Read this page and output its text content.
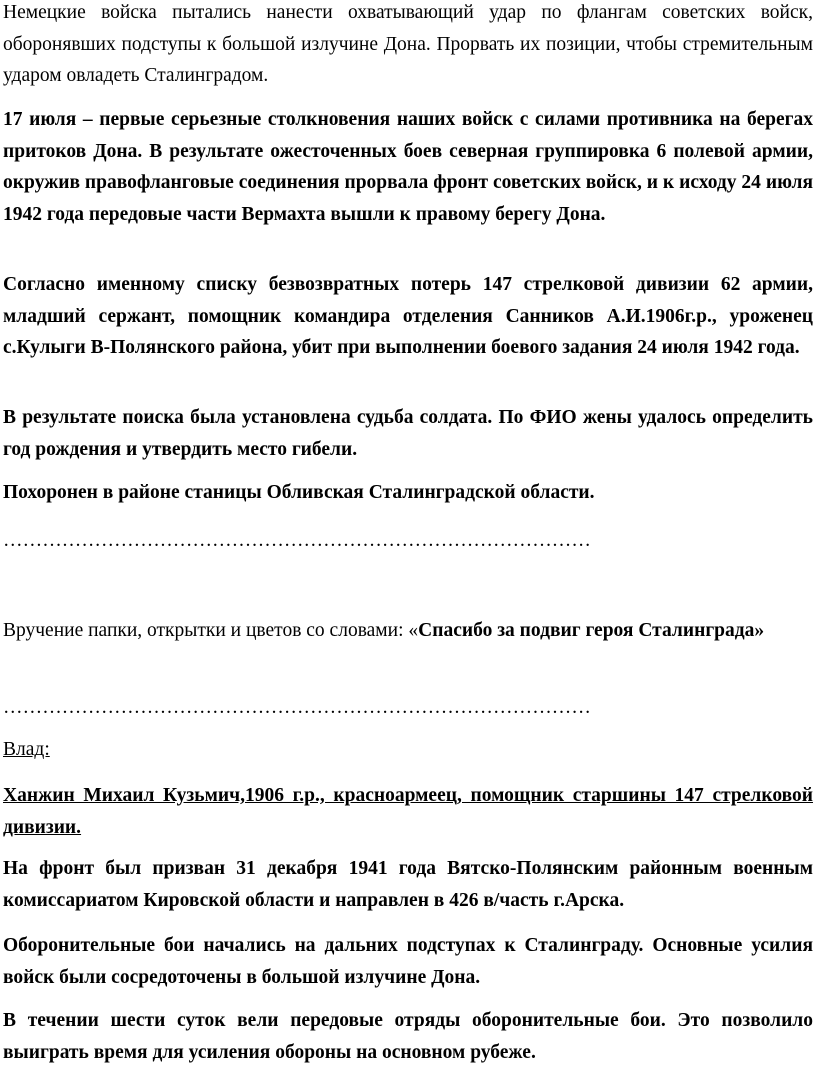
Немецкие войска пытались нанести охватывающий удар по флангам советских войск, оборонявших подступы к большой излучине Дона. Прорвать их позиции, чтобы стремительным ударом овладеть Сталинградом.

17 июля – первые серьезные столкновения наших войск с силами противника на берегах притоков Дона. В результате ожесточенных боев северная группировка 6 полевой армии, окружив правофланговые соединения прорвала фронт советских войск, и к исходу 24 июля 1942 года передовые части Вермахта вышли к правому берегу Дона.

Согласно именному списку безвозвратных потерь 147 стрелковой дивизии 62 армии, младший сержант, помощник командира отделения Санников А.И.1906г.р., уроженец с.Кулыги В-Полянского района, убит при выполнении боевого задания 24 июля 1942 года.

В результате поиска была установлена судьба солдата. По ФИО жены удалось определить год рождения и утвердить место гибели.

Похоронен в районе станицы Обливская Сталинградской области.

………………………………………………………………………………

Вручение папки, открытки и цветов со словами: «Спасибо за подвиг героя Сталинграда»

………………………………………………………………………………

Влад:

Ханжин Михаил Кузьмич,1906 г.р., красноармеец, помощник старшины 147 стрелковой дивизии.

На фронт был призван 31 декабря 1941 года Вятско-Полянским районным военным комиссариатом Кировской области и направлен в 426 в/часть г.Арска.

Оборонительные бои начались на дальних подступах к Сталинграду. Основные усилия войск были сосредоточены в большой излучине Дона.

В течении шести суток вели передовые отряды оборонительные бои. Это позволило выиграть время для усиления обороны на основном рубеже.
